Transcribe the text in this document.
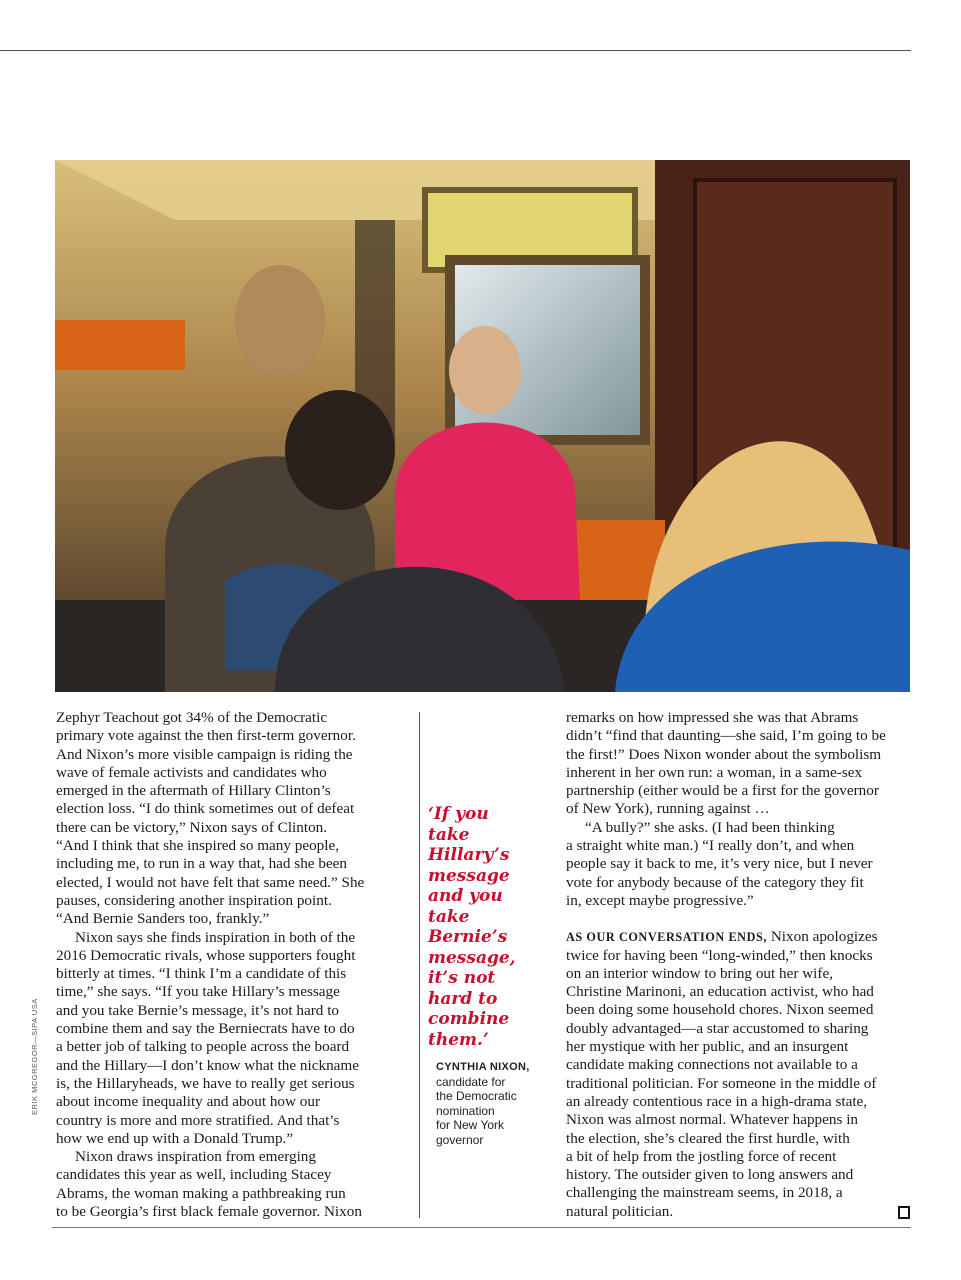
ERIK MCGREGOR—SIPA USA

Zephyr Teachout got 34% of the Democratic
primary vote against the then first-term governor.
And Nixon’s more visible campaign is riding the
wave of female activists and candidates who
emerged in the aftermath of Hillary Clinton’s
election loss. “I do think sometimes out of defeat
there can be victory,” Nixon says of Clinton.
“And I think that she inspired so many people,
including me, to run in a way that, had she been
elected, I would not have felt that same need.” She
pauses, considering another inspiration point.
“And Bernie Sanders too, frankly.”

Nixon says she finds inspiration in both of the
2016 Democratic rivals, whose supporters fought
bitterly at times. “I think I’m a candidate of this
time,” she says. “If you take Hillary’s message
and you take Bernie’s message, it’s not hard to
combine them and say the Berniecrats have to do
a better job of talking to people across the board
and the Hillary—I don’t know what the nickname
is, the Hillaryheads, we have to really get serious
about income inequality and about how our
country is more and more stratified. And that’s
how we end up with a Donald Trump.”

Nixon draws inspiration from emerging
candidates this year as well, including Stacey
Abrams, the woman making a pathbreaking run
to be Georgia’s first black female governor. Nixon

‘If you
take
Hillary’s
message
and you
take
Bernie’s
message,
it’s not
hard to
combine
them.’

CYNTHIA NIXON,
candidate for
the Democratic
nomination
for New York
governor

remarks on how impressed she was that Abrams
didn’t “find that daunting—she said, I’m going to be
the first!” Does Nixon wonder about the symbolism
inherent in her own run: a woman, in a same-sex
partnership (either would be a first for the governor
of New York), running against …

“A bully?” she asks. (I had been thinking
a straight white man.) “I really don’t, and when
people say it back to me, it’s very nice, but I never
vote for anybody because of the category they fit
in, except maybe progressive.”

AS OUR CONVERSATION ENDS, Nixon apologizes
twice for having been “long-winded,” then knocks
on an interior window to bring out her wife,
Christine Marinoni, an education activist, who had
been doing some household chores. Nixon seemed
doubly advantaged—a star accustomed to sharing
her mystique with her public, and an insurgent
candidate making connections not available to a
traditional politician. For someone in the middle of
an already contentious race in a high-drama state,
Nixon was almost normal. Whatever happens in
the election, she’s cleared the first hurdle, with
a bit of help from the jostling force of recent
history. The outsider given to long answers and
challenging the mainstream seems, in 2018, a
natural politician.
